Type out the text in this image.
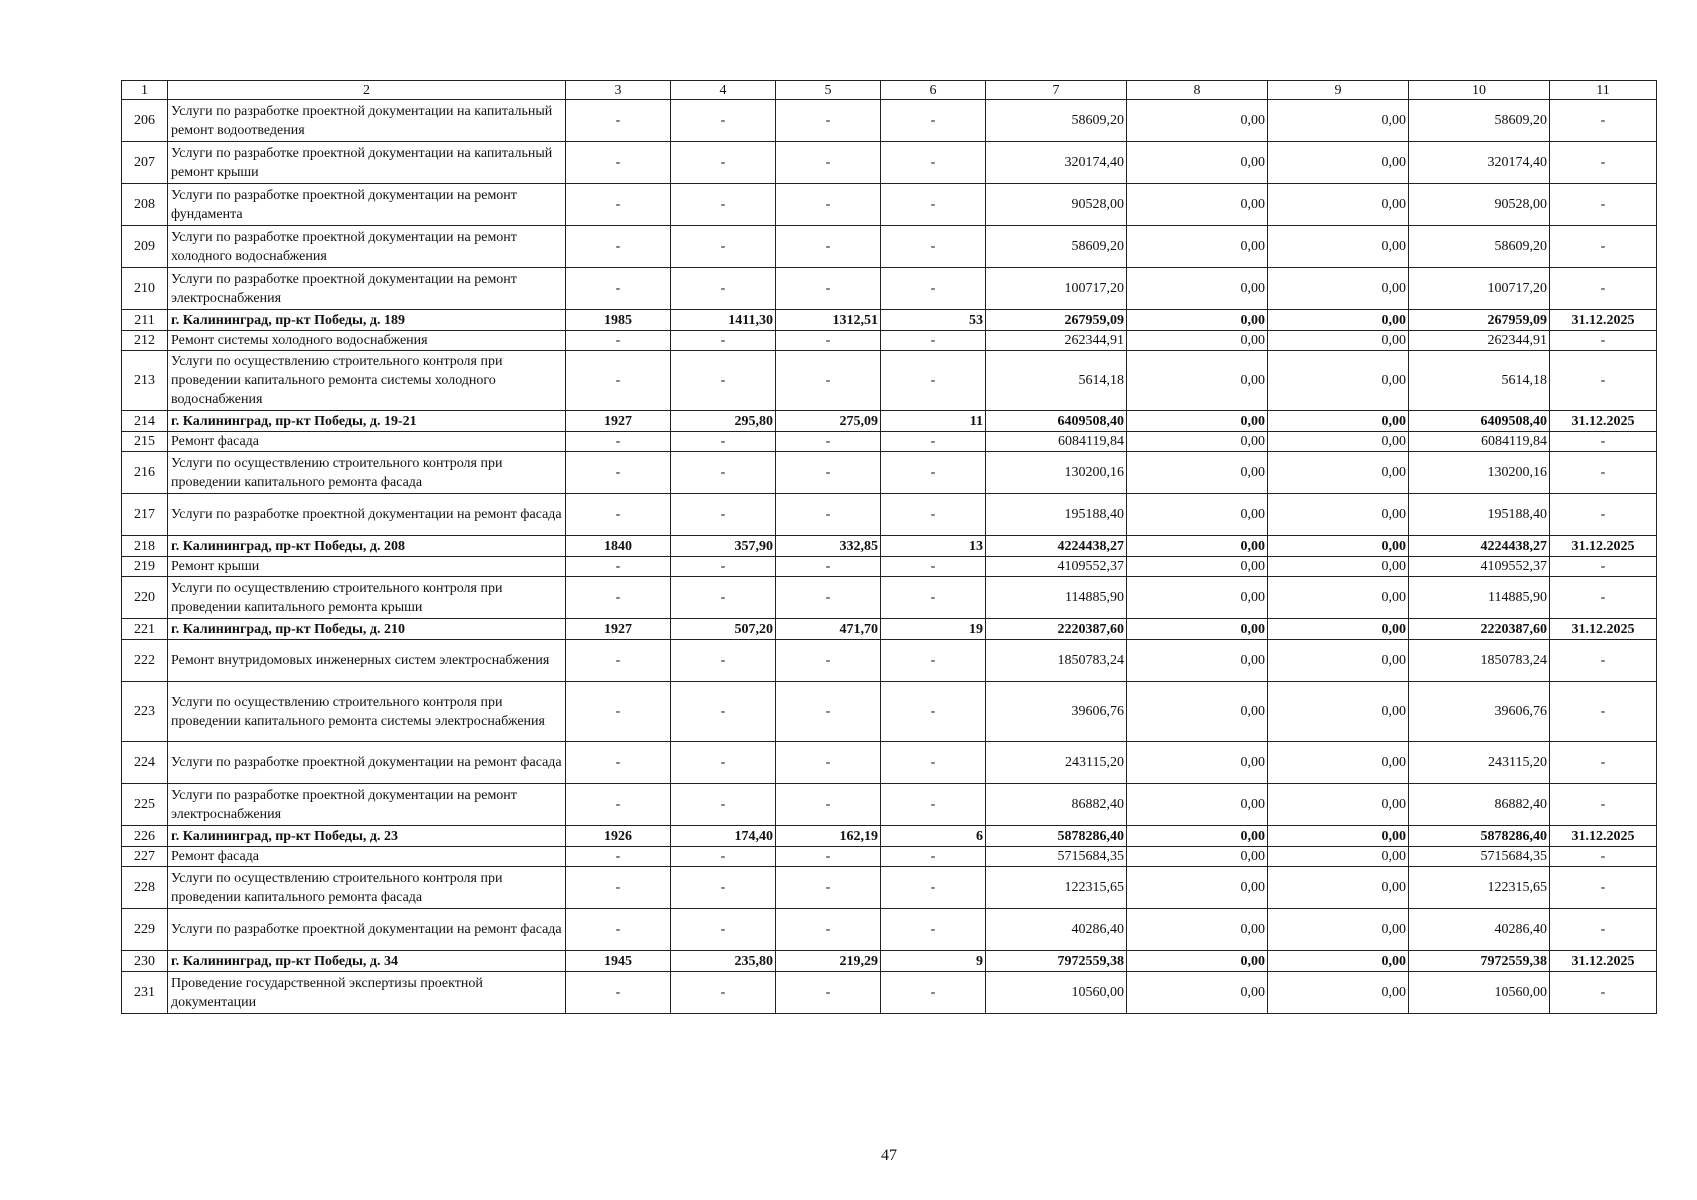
1	2	3	4	5	6	7	8	9	10	11
206	Услуги по разработке проектной документации на капитальный ремонт водоотведения	-	-	-	-	58609,20	0,00	0,00	58609,20	-
207	Услуги по разработке проектной документации на капитальный ремонт крыши	-	-	-	-	320174,40	0,00	0,00	320174,40	-
208	Услуги по разработке проектной документации на ремонт фундамента	-	-	-	-	90528,00	0,00	0,00	90528,00	-
209	Услуги по разработке проектной документации на ремонт холодного водоснабжения	-	-	-	-	58609,20	0,00	0,00	58609,20	-
210	Услуги по разработке проектной документации на ремонт электроснабжения	-	-	-	-	100717,20	0,00	0,00	100717,20	-
211	г. Калининград, пр-кт Победы, д. 189	1985	1411,30	1312,51	53	267959,09	0,00	0,00	267959,09	31.12.2025
212	Ремонт системы холодного водоснабжения	-	-	-	-	262344,91	0,00	0,00	262344,91	-
213	Услуги по осуществлению строительного контроля при проведении капитального ремонта системы холодного водоснабжения	-	-	-	-	5614,18	0,00	0,00	5614,18	-
214	г. Калининград, пр-кт Победы, д. 19-21	1927	295,80	275,09	11	6409508,40	0,00	0,00	6409508,40	31.12.2025
215	Ремонт фасада	-	-	-	-	6084119,84	0,00	0,00	6084119,84	-
216	Услуги по осуществлению строительного контроля при проведении капитального ремонта фасада	-	-	-	-	130200,16	0,00	0,00	130200,16	-
217	Услуги по разработке проектной документации на ремонт фасада	-	-	-	-	195188,40	0,00	0,00	195188,40	-
218	г. Калининград, пр-кт Победы, д. 208	1840	357,90	332,85	13	4224438,27	0,00	0,00	4224438,27	31.12.2025
219	Ремонт крыши	-	-	-	-	4109552,37	0,00	0,00	4109552,37	-
220	Услуги по осуществлению строительного контроля при проведении капитального ремонта крыши	-	-	-	-	114885,90	0,00	0,00	114885,90	-
221	г. Калининград, пр-кт Победы, д. 210	1927	507,20	471,70	19	2220387,60	0,00	0,00	2220387,60	31.12.2025
222	Ремонт внутридомовых инженерных систем электроснабжения	-	-	-	-	1850783,24	0,00	0,00	1850783,24	-
223	Услуги по осуществлению строительного контроля при проведении капитального ремонта системы электроснабжения	-	-	-	-	39606,76	0,00	0,00	39606,76	-
224	Услуги по разработке проектной документации на ремонт фасада	-	-	-	-	243115,20	0,00	0,00	243115,20	-
225	Услуги по разработке проектной документации на ремонт электроснабжения	-	-	-	-	86882,40	0,00	0,00	86882,40	-
226	г. Калининград, пр-кт Победы, д. 23	1926	174,40	162,19	6	5878286,40	0,00	0,00	5878286,40	31.12.2025
227	Ремонт фасада	-	-	-	-	5715684,35	0,00	0,00	5715684,35	-
228	Услуги по осуществлению строительного контроля при проведении капитального ремонта фасада	-	-	-	-	122315,65	0,00	0,00	122315,65	-
229	Услуги по разработке проектной документации на ремонт фасада	-	-	-	-	40286,40	0,00	0,00	40286,40	-
230	г. Калининград, пр-кт Победы, д. 34	1945	235,80	219,29	9	7972559,38	0,00	0,00	7972559,38	31.12.2025
231	Проведение государственной экспертизы проектной документации	-	-	-	-	10560,00	0,00	0,00	10560,00	-
47
